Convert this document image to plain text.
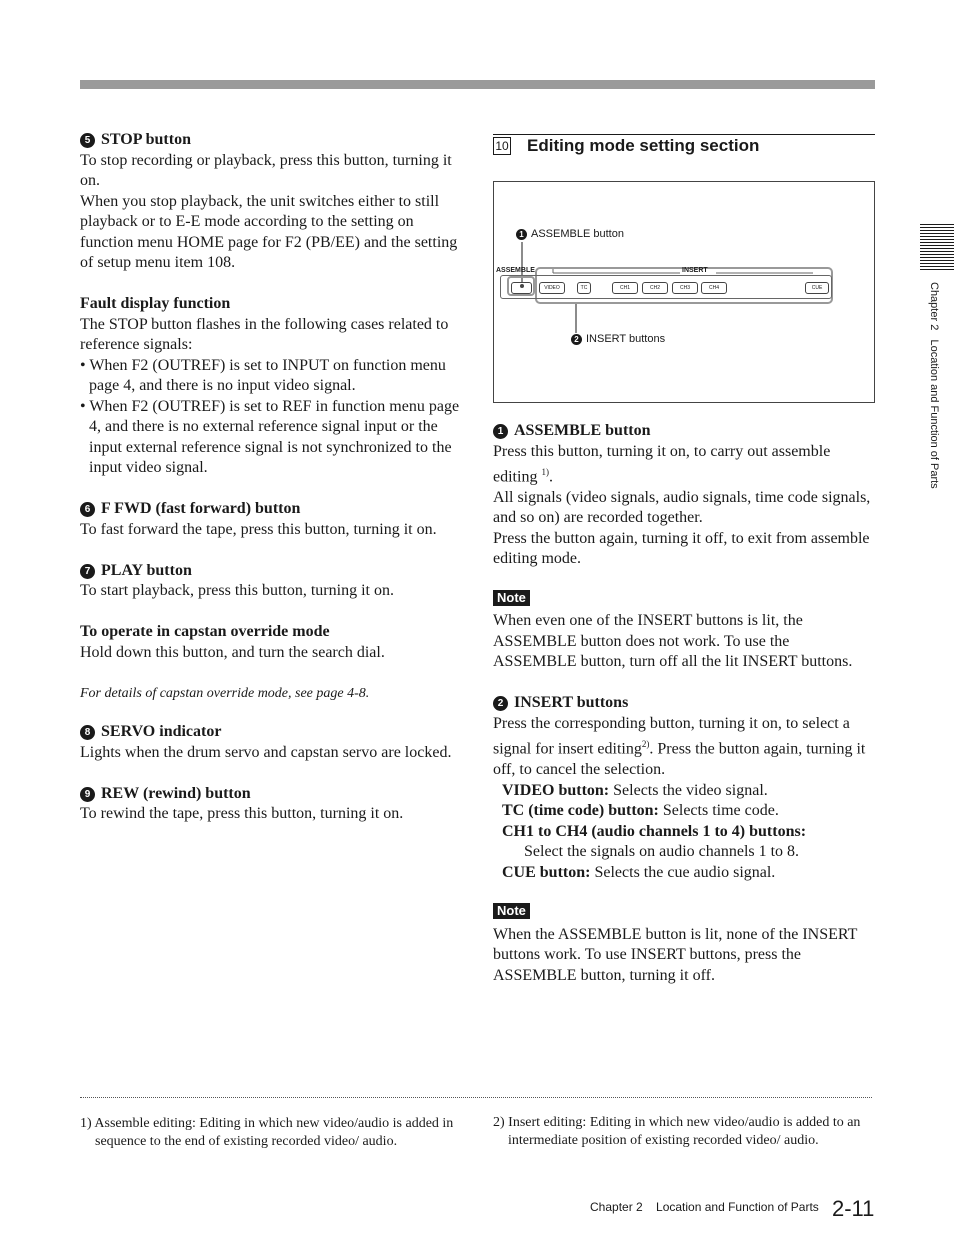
5 STOP button

To stop recording or playback, press this button, turning it on.

When you stop playback, the unit switches either to still playback or to E-E mode according to the setting on function menu HOME page for F2 (PB/EE) and the setting of setup menu item 108.

Fault display function

The STOP button flashes in the following cases related to reference signals:

• When F2 (OUTREF) is set to INPUT on function menu page 4, and there is no input video signal.

• When F2 (OUTREF) is set to REF in function menu page 4, and there is no external reference signal input or the input external reference signal is not synchronized to the input video signal.

6 F FWD (fast forward) button

To fast forward the tape, press this button, turning it on.

7 PLAY button

To start playback, press this button, turning it on.

To operate in capstan override mode

Hold down this button, and turn the search dial.

For details of capstan override mode, see page 4-8.

8 SERVO indicator

Lights when the drum servo and capstan servo are locked.

9 REW (rewind) button

To rewind the tape, press this button, turning it on.

10 Editing mode setting section
1 ASSEMBLE button
2 INSERT buttons
ASSEMBLE	INSERT
VIDEO	TC	CH1	CH2	CH3	CH4	CUE

1 ASSEMBLE button

Press this button, turning it on, to carry out assemble editing $^{1)}$.

All signals (video signals, audio signals, time code signals, and so on) are recorded together.

Press the button again, turning it off, to exit from assemble editing mode.

Note

When even one of the INSERT buttons is lit, the ASSEMBLE button does not work. To use the ASSEMBLE button, turn off all the lit INSERT buttons.

2 INSERT buttons

Press the corresponding button, turning it on, to select a signal for insert editing$^{2)}$. Press the button again, turning it off, to cancel the selection.

VIDEO button: Selects the video signal.

TC (time code) button: Selects time code.

CH1 to CH4 (audio channels 1 to 4) buttons:

Select the signals on audio channels 1 to 8.

CUE button: Selects the cue audio signal.

Note

When the ASSEMBLE button is lit, none of the INSERT buttons work. To use INSERT buttons, press the ASSEMBLE button, turning it off.

Chapter 2   Location and Function of Parts
1) Assemble editing: Editing in which new video/audio is added in sequence to the end of existing recorded video/ audio.
2) Insert editing: Editing in which new video/audio is added to an intermediate position of existing recorded video/ audio.
Chapter 2    Location and Function of Parts 2-11
